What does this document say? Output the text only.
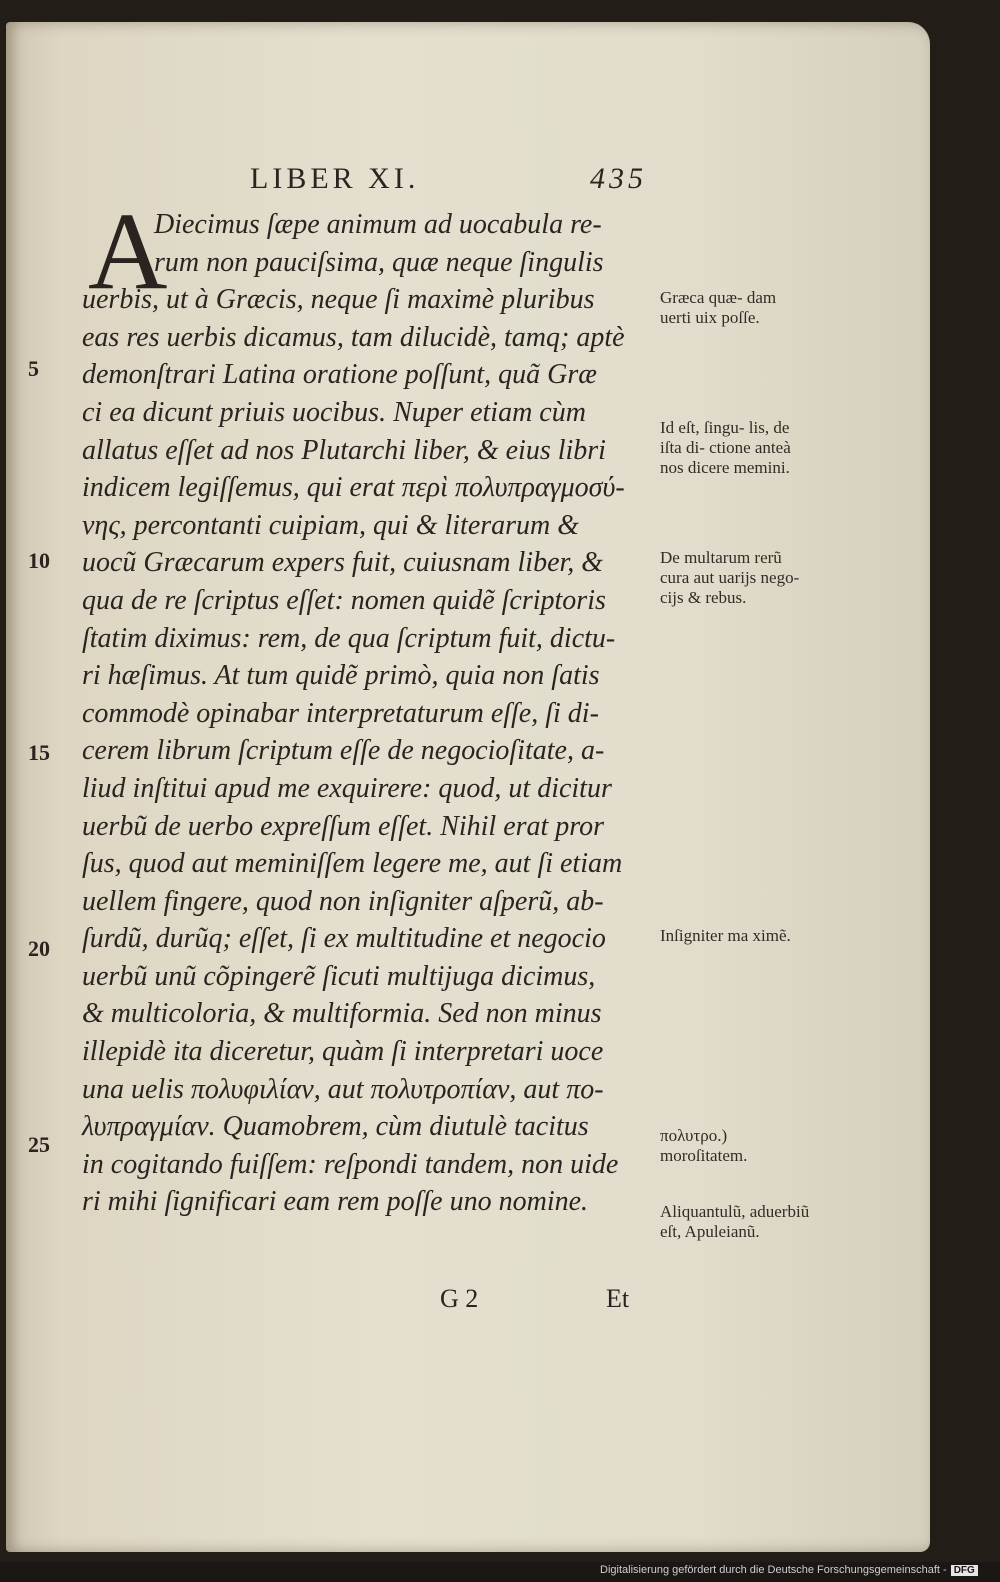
LIBER XI.	435
A
Diecimus ſæpe animum ad uocabula re-
rum non pauciſsima, quæ neque ſingulis
uerbis, ut à Græcis, neque ſi maximè pluribus
eas res uerbis dicamus, tam dilucidè, tamq; aptè
demonſtrari Latina oratione poſſunt, quã Græ
ci ea dicunt priuis uocibus. Nuper etiam cùm
allatus eſſet ad nos Plutarchi liber, & eius libri
indicem legiſſemus, qui erat περὶ πολυπραγμοσύ-
νης, percontanti cuipiam, qui & literarum &
uocũ Græcarum expers fuit, cuiusnam liber, &
qua de re ſcriptus eſſet: nomen quidẽ ſcriptoris
ſtatim diximus: rem, de qua ſcriptum fuit, dictu-
ri hæſimus. At tum quidẽ primò, quia non ſatis
commodè opinabar interpretaturum eſſe, ſi di-
cerem librum ſcriptum eſſe de negocioſitate, a-
liud inſtitui apud me exquirere: quod, ut dicitur
uerbũ de uerbo expreſſum eſſet. Nihil erat pror
ſus, quod aut meminiſſem legere me, aut ſi etiam
uellem fingere, quod non inſigniter aſperũ, ab-
ſurdũ, durũq; eſſet, ſi ex multitudine et negocio
uerbũ unũ cõpingerẽ ſicuti multijuga dicimus,
& multicoloria, & multiformia. Sed non minus
illepidè ita diceretur, quàm ſi interpretari uoce
una uelis πολυφιλίαν, aut πολυτροπίαν, aut πο-
λυπραγμίαν. Quamobrem, cùm diutulè tacitus
in cogitando fuiſſem: reſpondi tandem, non uide
ri mihi ſignificari eam rem poſſe uno nomine.
5
10
15
20
25
Græca quæ- dam uerti uix poſſe.
Id eſt, ſingu- lis, de iſta di- ctione anteà nos dicere memini.
De multarum rerũ cura aut uarijs nego- cijs & rebus.
Inſigniter ma ximẽ.
πολυτρο.) moroſitatem.
Aliquantulũ, aduerbiũ eſt, Apuleianũ.
G 2	Et
Digitalisierung gefördert durch die Deutsche Forschungsgemeinschaft - DFG
